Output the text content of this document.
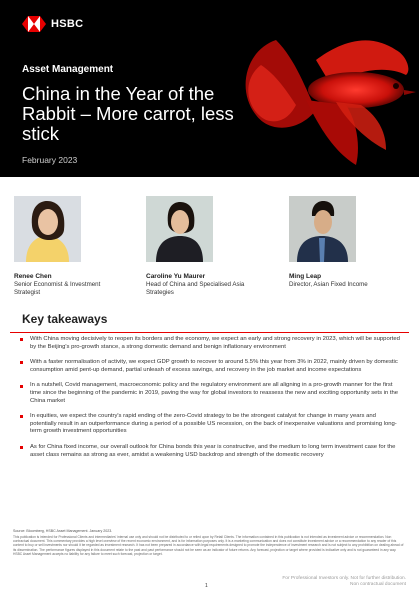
HSBC
Asset Management
China in the Year of the Rabbit – More carrot, less stick
February 2023
Renee Chen
Senior Economist & Investment Strategist
Caroline Yu Maurer
Head of China and Specialised Asia Strategies
Ming Leap
Director, Asian Fixed Income
Key takeaways
With China moving decisively to reopen its borders and the economy, we expect an early and strong recovery in 2023, which will be supported by the Beijing's pro-growth stance, a strong domestic demand and benign inflationary environment
With a faster normalisation of activity, we expect GDP growth to recover to around 5.5% this year from 3% in 2022, mainly driven by domestic consumption amid pent-up demand, partial unleash of excess savings, and recovery in the job market and income expectations
In a nutshell, Covid management, macroeconomic policy and the regulatory environment are all aligning in a pro-growth manner for the first time since the beginning of the pandemic in 2019, paving the way for global investors to reassess the new and exciting opportunity sets in the China market
In equities, we expect the country's rapid ending of the zero-Covid strategy to be the strongest catalyst for change in many years and potentially result in an outperformance during a period of a possible US recession, on the back of inexpensive valuations and promising long-term growth investment opportunities
As for China fixed income, our overall outlook for China bonds this year is constructive, and the medium to long term investment case for the asset class remains as strong as ever, amidst a weakening USD backdrop and strength of the domestic recovery
Source: Bloomberg, HSBC Asset Management. January 2023.
This publication is intended for Professional Clients and intermediaries' internal use only and should not be distributed to or relied upon by Retail Clients. The information contained in this publication is not intended as investment advice or recommendation. Non contractual document. This commentary provides a high level overview of the recent economic environment, and is for information purposes only. It is a marketing communication and does not constitute investment advice or a recommendation to any reader of this content to buy or sell investments nor should it be regarded as investment research. It has not been prepared in accordance with legal requirements designed to promote the independence of investment research and is not subject to any prohibition on dealing ahead of its dissemination. The performance figures displayed in this document relate to the past and past performance should not be seen as an indicator of future returns. Any forecast, projection or target where provided is indicative only and is not guaranteed in any way. HSBC Asset Management accepts no liability for any failure to meet such forecast, projection or target.
1
For Professional Investors only. Not for further distribution.
Non contractual document
